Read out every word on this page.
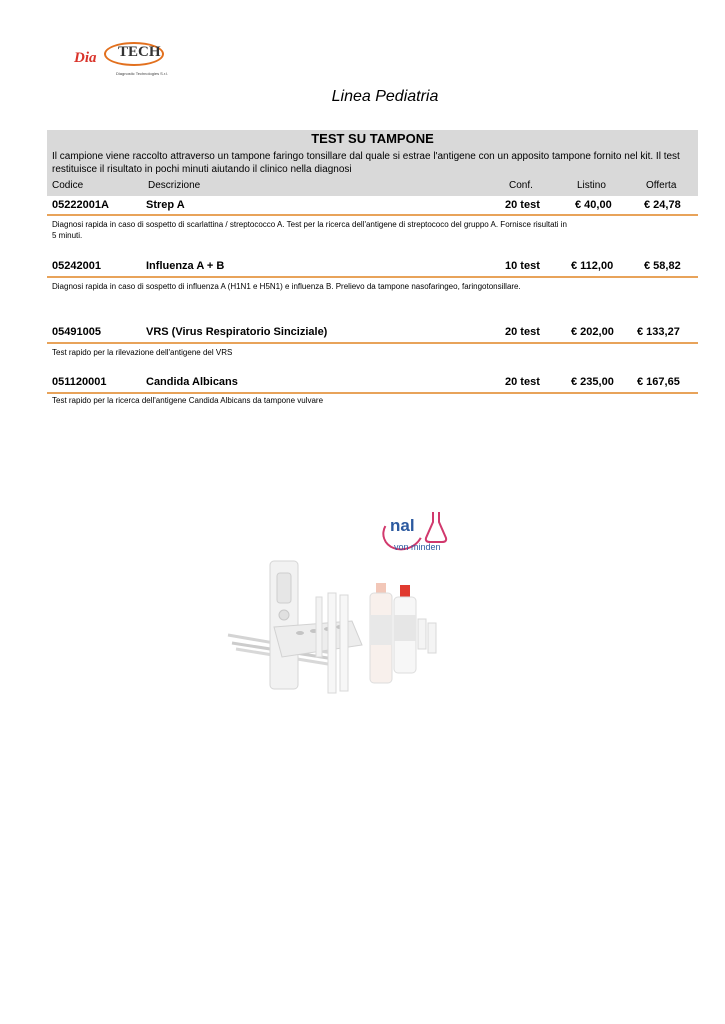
Dia TECH
Diagnostic Technologies S.r.l.
Linea Pediatria
TEST SU TAMPONE
Il campione viene raccolto attraverso un tampone faringo tonsillare dal quale si estrae l'antigene con un apposito tampone fornito nel kit. Il test restituisce il risultato in pochi minuti aiutando il clinico nella diagnosi
Codice	Descrizione	Conf.	Listino	Offerta
05222001A	Strep A	20 test	€ 40,00	€ 24,78
Diagnosi rapida in caso di sospetto di scarlattina / streptococco A. Test per la ricerca dell'antigene di streptococo del gruppo A. Fornisce risultati in 5 minuti.
05242001	Influenza A + B	10 test	€ 112,00	€ 58,82
Diagnosi rapida in caso di sospetto di influenza A (H1N1 e H5N1) e influenza B. Prelievo da tampone nasofaringeo, faringotonsillare.
05491005	VRS (Virus Respiratorio Sinciziale)	20 test	€ 202,00 € 133,27
Test rapido per la rilevazione dell'antigene del VRS
051120001	Candida Albicans	20 test	€ 235,00 € 167,65
Test rapido per la ricerca dell'antigene Candida Albicans da tampone vulvare
nal
von minden
